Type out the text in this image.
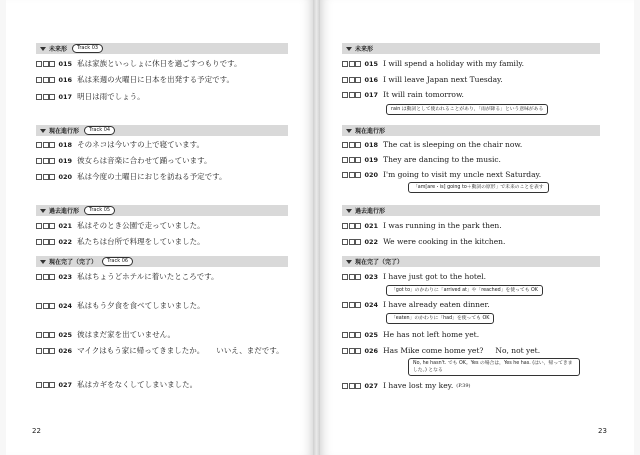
未来形	Track 03
015 私は家族といっしょに休日を過ごすつもりです。
016 私は来週の火曜日に日本を出発する予定です。
017 明日は雨でしょう。
現在進行形	Track 04
018 そのネコは今いすの上で寝ています。
019 彼女らは音楽に合わせて踊っています。
020 私は今度の土曜日におじを訪ねる予定です。
過去進行形	Track 05
021 私はそのとき公園で走っていました。
022 私たちは台所で料理をしていました。
現在完了（完了）	Track 06
023 私はちょうどホテルに着いたところです。
024 私はもう夕食を食べてしまいました。
025 彼はまだ家を出ていません。
026 マイクはもう家に帰ってきましたか。 いいえ、まだです。
027 私はカギをなくしてしまいました。
22
未来形
015 I will spend a holiday with my family.
016 I will leave Japan next Tuesday.
017 It will rain tomorrow.
rain は動詞として使われることがあり，「雨が降る」という意味がある
現在進行形
018 The cat is sleeping on the chair now.
019 They are dancing to the music.
020 I'm going to visit my uncle next Saturday.
「am[are・is] going to＋動詞の原形」で未来のことを表す
過去進行形
021 I was running in the park then.
022 We were cooking in the kitchen.
現在完了（完了）
023 I have just got to the hotel.
「got to」のかわりに「arrived at」や「reached」を使っても OK
024 I have already eaten dinner.
「eaten」のかわりに「had」を使っても OK
025 He has not left home yet.
026 Has Mike come home yet? No, not yet.
No, he hasn't. でも OK。Yes の場合は，Yes he has. (はい，帰ってきました。) となる
027 I have lost my key. (P.39)
23
